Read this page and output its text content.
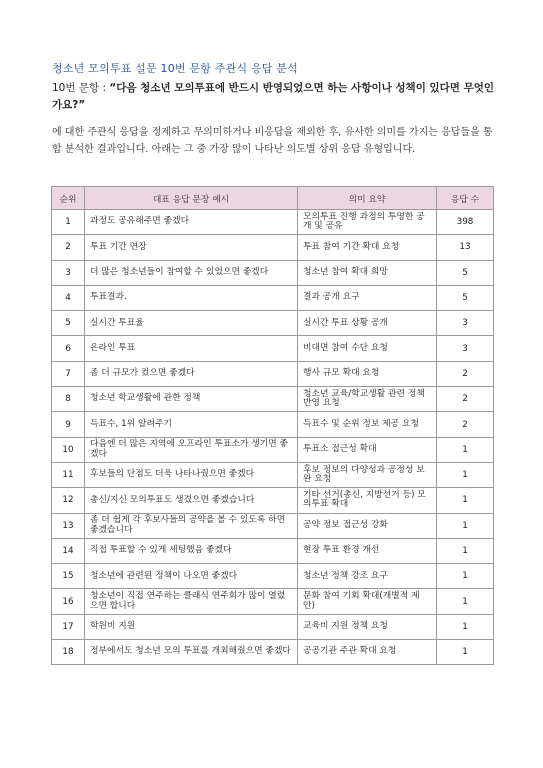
청소년 모의투표 설문 10번 문항 주관식 응답 분석
10번 문항 : “다음 청소년 모의투표에 반드시 반영되었으면 하는 사항이나 성책이 있다면 무엇인가요?”
에 대한 주관식 응답을 정제하고 무의미하거나 비응답을 제외한 후, 유사한 의미를 가지는 응답들을 통합 분석한 결과입니다. 아래는 그 중 가장 많이 나타난 의도별 상위 응답 유형입니다.
순위	대표 응답 문장 예시	의미 요약	응답 수
1	과정도 공유해주면 좋겠다	모의투표 진행 과정의 투명한 공개 및 공유	398
2	투표 기간 연장	투표 참여 기간 확대 요청	13
3	더 많은 청소년들이 참여할 수 있었으면 좋겠다	청소년 참여 확대 희망	5
4	투표결과.	결과 공개 요구	5
5	실시간 투표율	실시간 투표 상황 공개	3
6	온라인 투표	비대면 참여 수단 요청	3
7	좀 더 규모가 컸으면 좋겠다	행사 규모 확대 요청	2
8	청소년 학교생활에 관한 정책	청소년 교육/학교생활 관련 정책 반영 요청	2
9	득표수, 1위 알려주기	득표수 및 순위 정보 제공 요청	2
10	다음엔 더 많은 지역에 오프라인 투표소가 생기면 좋겠다	투표소 접근성 확대	1
11	후보들의 단점도 더욱 나타나줬으면 좋겠다	후보 정보의 다양성과 공정성 보완 요청	1
12	총신/지신 모의투표도 생겼으면 좋겠습니다	기타 선거(총신, 지방선거 등) 모의투표 확대	1
13	좀 더 쉽게 각 후보사들의 공약을 볼 수 있도록 하면 좋겠습니다	공약 정보 접근성 강화	1
14	직접 투표할 수 있게 세팅했음 좋겠다	현장 투표 환경 개선	1
15	청소년에 관련된 정책이 나오면 좋겠다	청소년 정책 강조 요구	1
16	청소년이 직접 연주하는 클래식 연주회가 많이 열렸으면 합니다	문화 참여 기회 확대(개별적 제안)	1
17	학원비 지원	교육비 지원 정책 요청	1
18	정부에서도 청소년 모의 투표를 개최해줬으면 좋겠다	공공기관 주관 확대 요청	1
